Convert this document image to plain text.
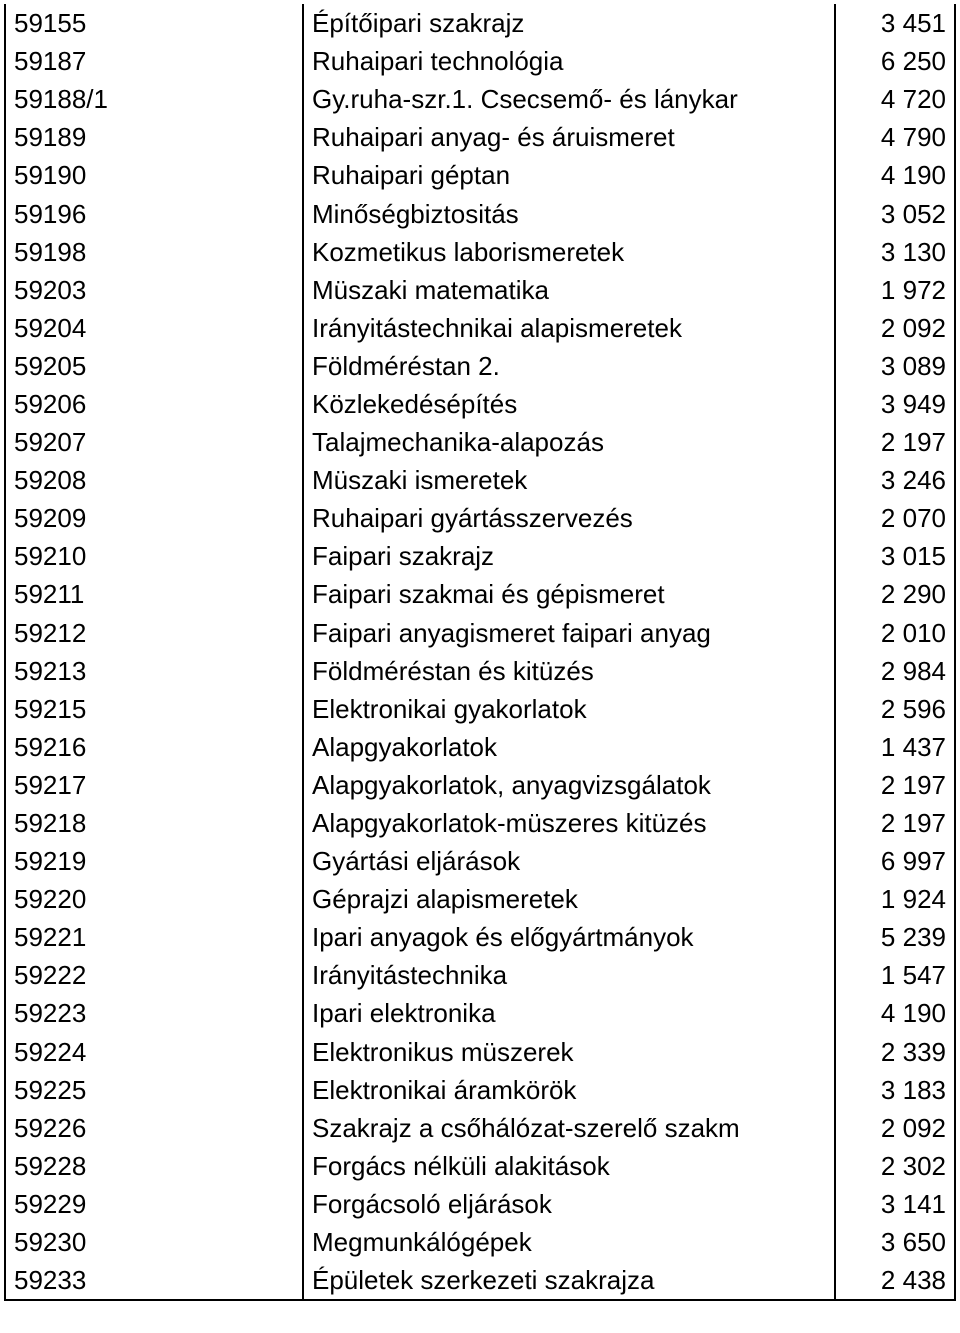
59155	Építőipari szakrajz	3 451
59187	Ruhaipari technológia	6 250
59188/1	Gy.ruha-szr.1. Csecsemő- és lánykar	4 720
59189	Ruhaipari anyag- és áruismeret	4 790
59190	Ruhaipari géptan	4 190
59196	Minőségbiztositás	3 052
59198	Kozmetikus laborismeretek	3 130
59203	Müszaki matematika	1 972
59204	Irányitástechnikai alapismeretek	2 092
59205	Földméréstan 2.	3 089
59206	Közlekedésépítés	3 949
59207	Talajmechanika-alapozás	2 197
59208	Müszaki ismeretek	3 246
59209	Ruhaipari gyártásszervezés	2 070
59210	Faipari szakrajz	3 015
59211	Faipari szakmai és gépismeret	2 290
59212	Faipari anyagismeret faipari anyag	2 010
59213	Földméréstan és kitüzés	2 984
59215	Elektronikai gyakorlatok	2 596
59216	Alapgyakorlatok	1 437
59217	Alapgyakorlatok, anyagvizsgálatok	2 197
59218	Alapgyakorlatok-müszeres kitüzés	2 197
59219	Gyártási eljárások	6 997
59220	Géprajzi alapismeretek	1 924
59221	Ipari anyagok és előgyártmányok	5 239
59222	Irányitástechnika	1 547
59223	Ipari elektronika	4 190
59224	Elektronikus müszerek	2 339
59225	Elektronikai áramkörök	3 183
59226	Szakrajz a csőhálózat-szerelő szakm	2 092
59228	Forgács nélküli alakitások	2 302
59229	Forgácsoló eljárások	3 141
59230	Megmunkálógépek	3 650
59233	Épületek szerkezeti szakrajza	2 438
